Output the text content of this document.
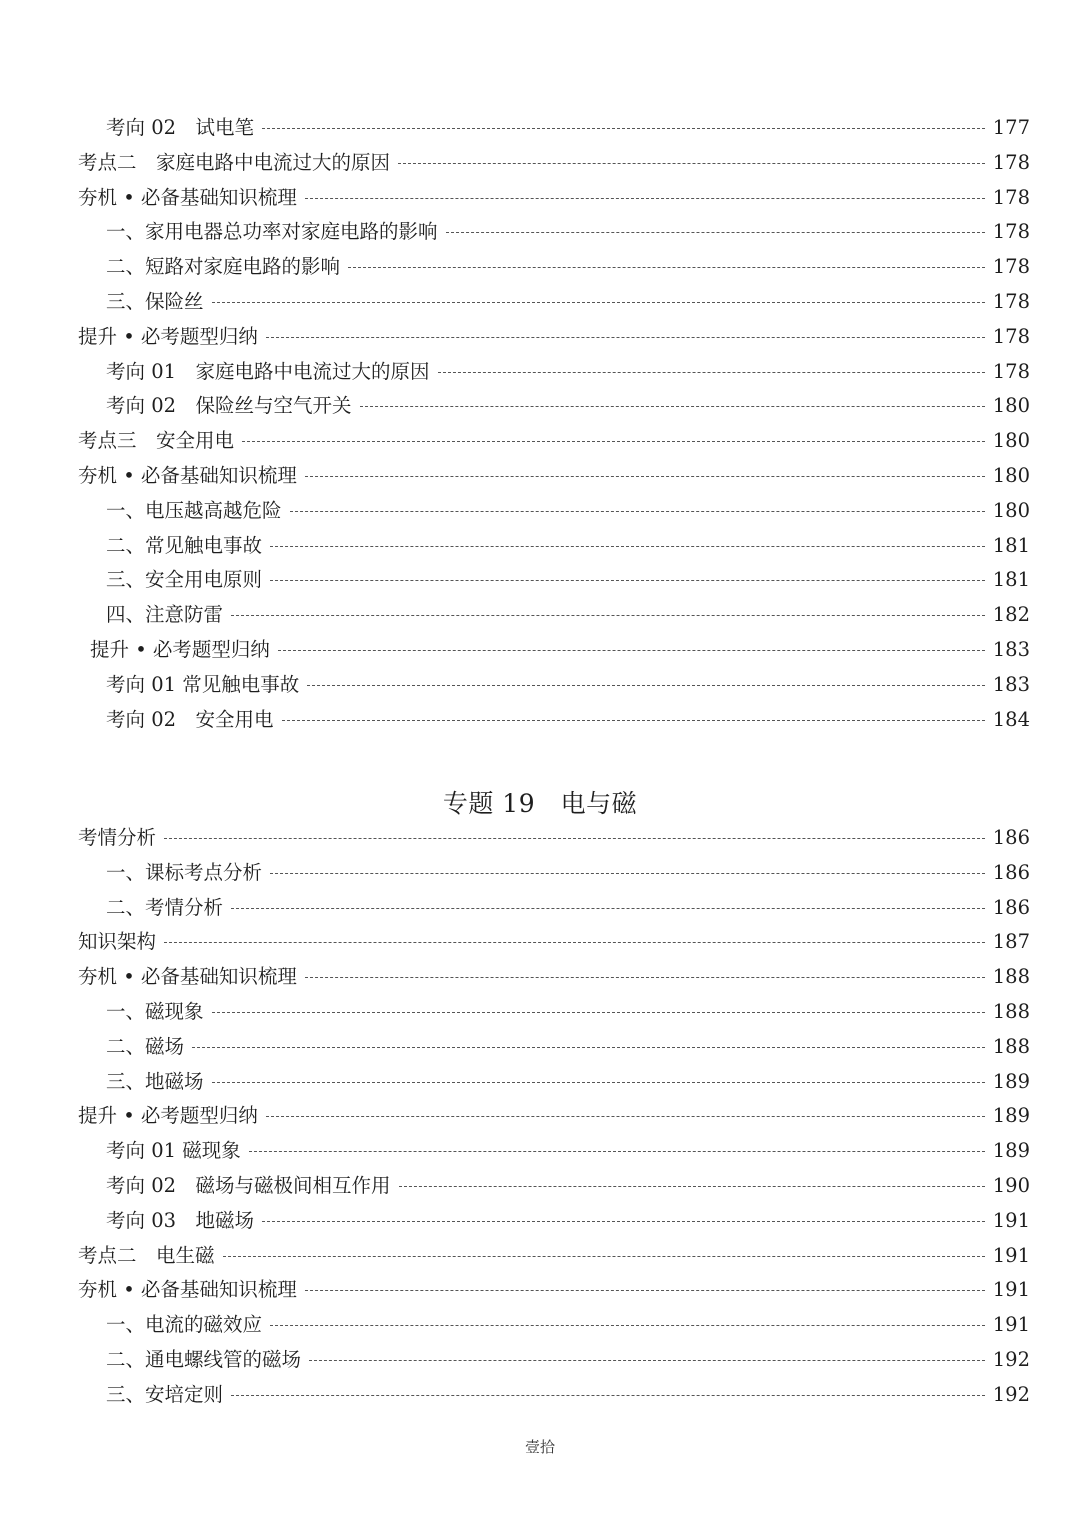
考向 02　试电笔	177
考点二　家庭电路中电流过大的原因	178
夯机 • 必备基础知识梳理	178
一、家用电器总功率对家庭电路的影响	178
二、短路对家庭电路的影响	178
三、保险丝	178
提升 • 必考题型归纳	178
考向 01　家庭电路中电流过大的原因	178
考向 02　保险丝与空气开关	180
考点三　安全用电	180
夯机 • 必备基础知识梳理	180
一、电压越高越危险	180
二、常见触电事故	181
三、安全用电原则	181
四、注意防雷	182
提升 • 必考题型归纳	183
考向 01 常见触电事故	183
考向 02　安全用电	184
专题 19　电与磁
考情分析	186
一、课标考点分析	186
二、考情分析	186
知识架构	187
夯机 • 必备基础知识梳理	188
一、磁现象	188
二、磁场	188
三、地磁场	189
提升 • 必考题型归纳	189
考向 01 磁现象	189
考向 02　磁场与磁极间相互作用	190
考向 03　地磁场	191
考点二　电生磁	191
夯机 • 必备基础知识梳理	191
一、电流的磁效应	191
二、通电螺线管的磁场	192
三、安培定则	192
壹拾
